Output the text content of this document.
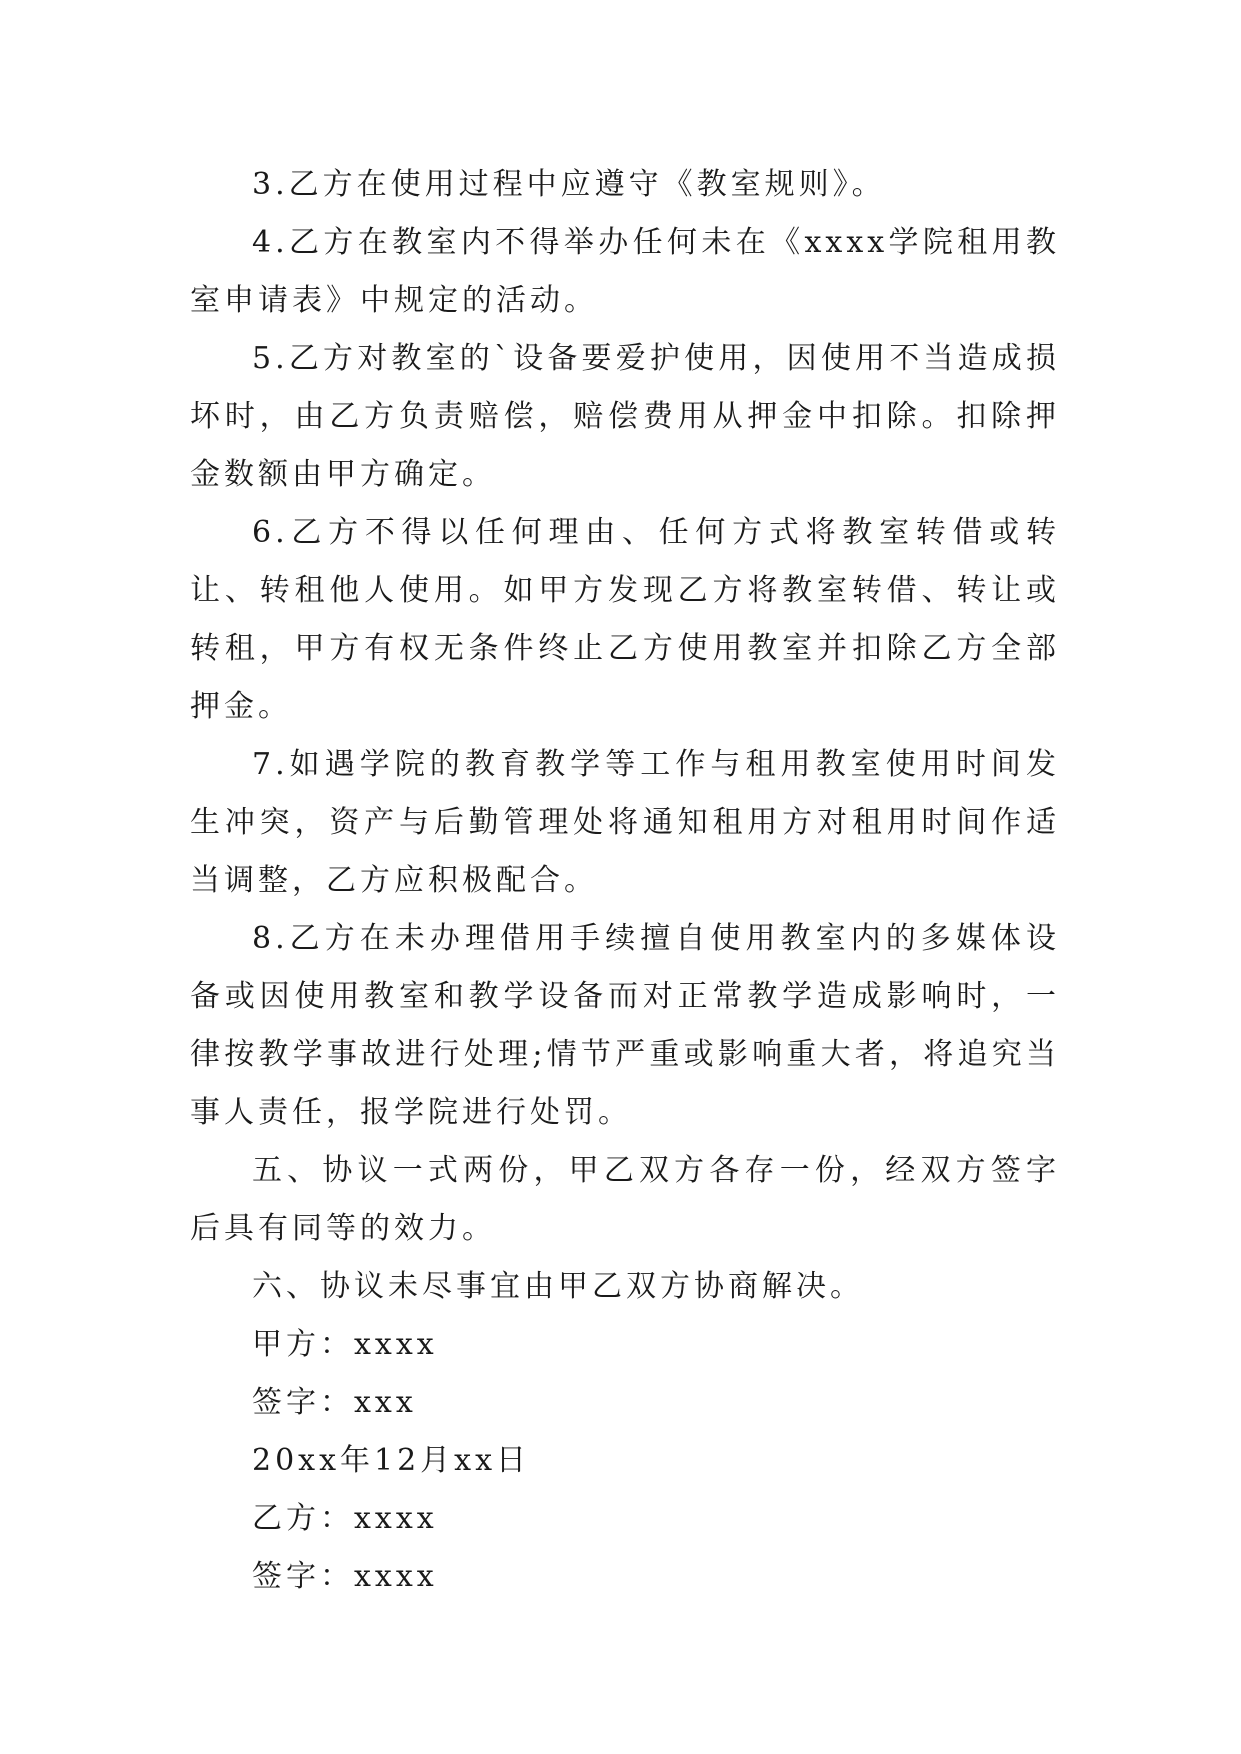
3.乙方在使用过程中应遵守《教室规则》。

4.乙方在教室内不得举办任何未在《xxxx学院租用教室申请表》中规定的活动。

5.乙方对教室的`设备要爱护使用，因使用不当造成损坏时，由乙方负责赔偿，赔偿费用从押金中扣除。扣除押金数额由甲方确定。

6.乙方不得以任何理由、任何方式将教室转借或转让、转租他人使用。如甲方发现乙方将教室转借、转让或转租，甲方有权无条件终止乙方使用教室并扣除乙方全部押金。

7.如遇学院的教育教学等工作与租用教室使用时间发生冲突，资产与后勤管理处将通知租用方对租用时间作适当调整，乙方应积极配合。

8.乙方在未办理借用手续擅自使用教室内的多媒体设备或因使用教室和教学设备而对正常教学造成影响时，一律按教学事故进行处理;情节严重或影响重大者，将追究当事人责任，报学院进行处罚。

五、协议一式两份，甲乙双方各存一份，经双方签字后具有同等的效力。

六、协议未尽事宜由甲乙双方协商解决。

甲方：xxxx

签字：xxx

20xx年12月xx日

乙方：xxxx

签字：xxxx
